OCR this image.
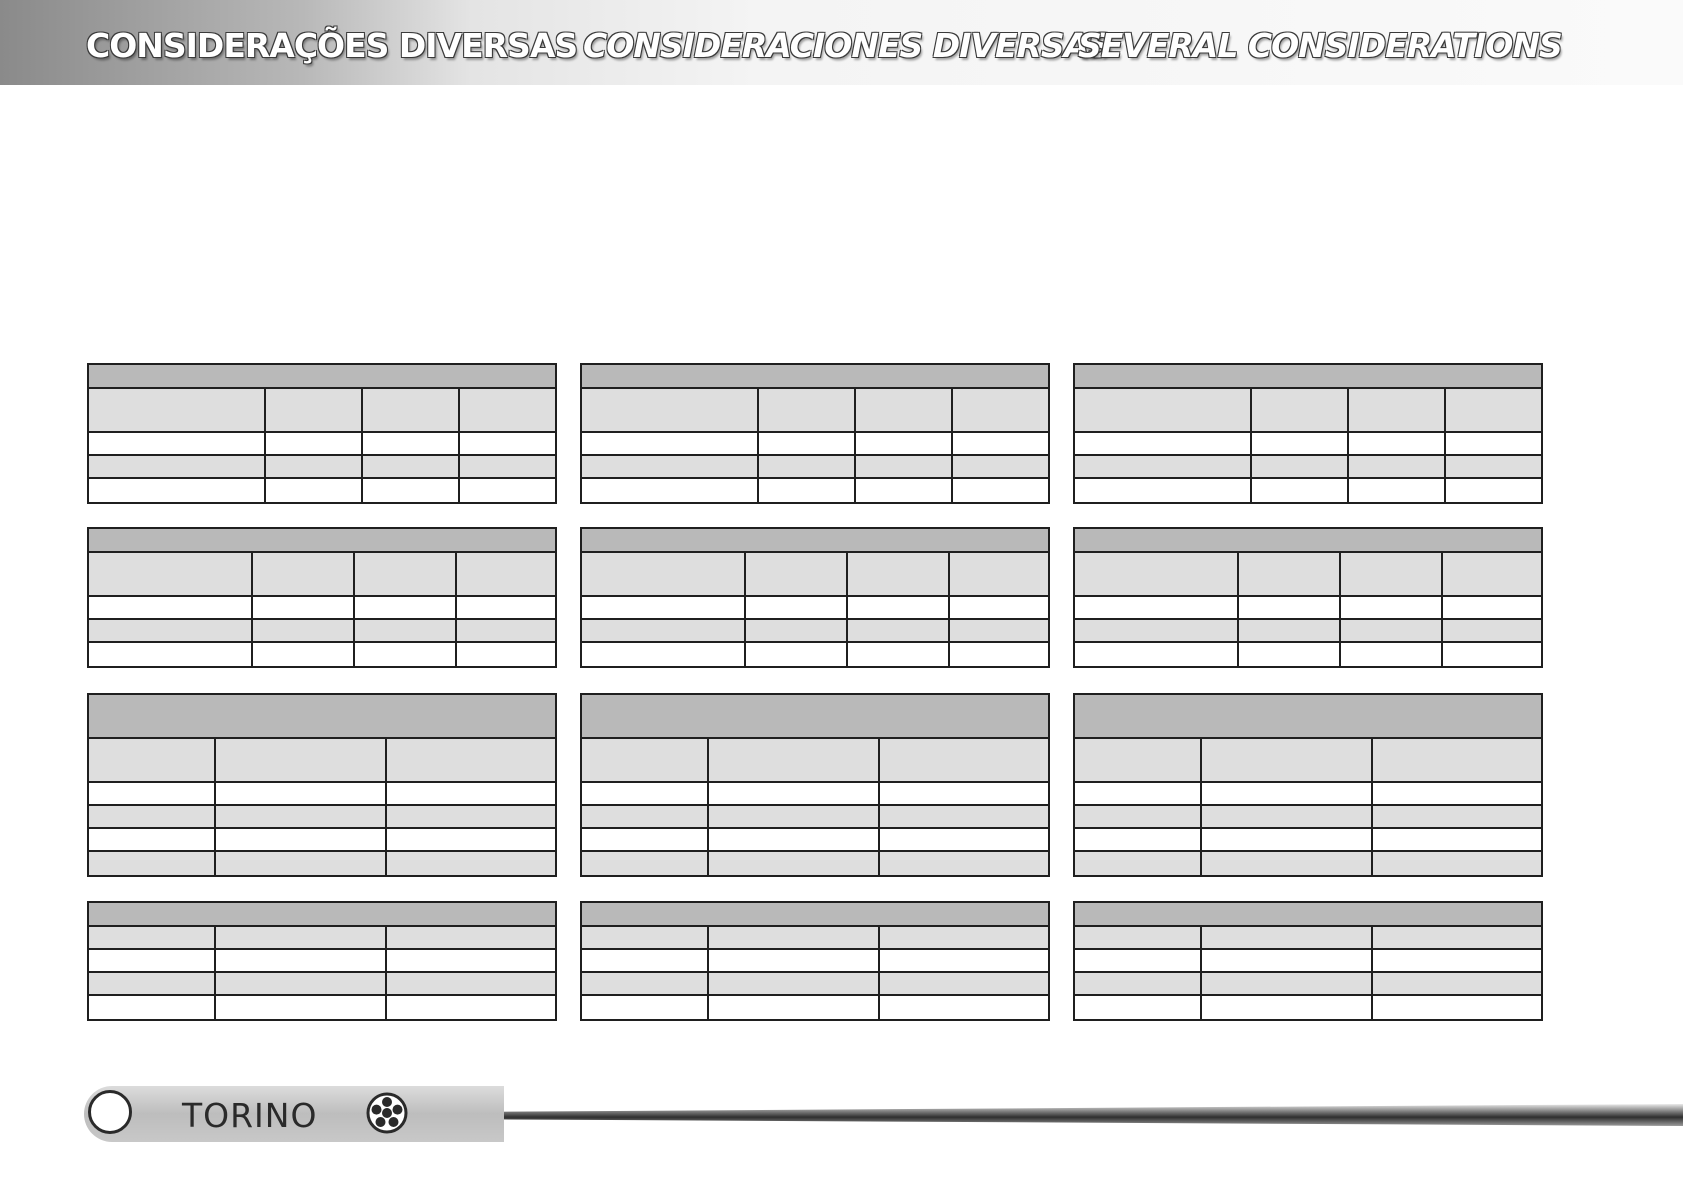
CONSIDERAÇÕES DIVERSAS CONSIDERACIONES DIVERSAS
SEVERAL CONSIDERATIONS
TORINO
